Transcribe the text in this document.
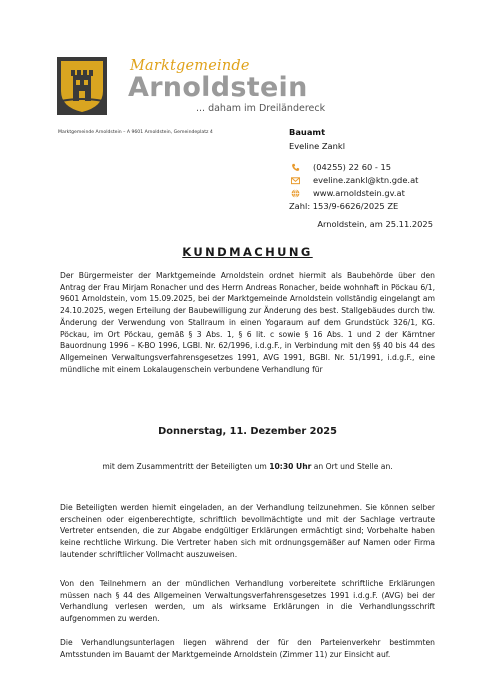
Marktgemeinde
Arnoldstein
... daham im Dreiländereck
Marktgemeinde Arnoldstein – A 9601 Arnoldstein, Gemeindeplatz 4	Bauamt
Eveline Zankl
(04255) 22 60 - 15
eveline.zankl@ktn.gde.at
www.arnoldstein.gv.at
Zahl: 153/9-6626/2025 ZE
Arnoldstein, am 25.11.2025
KUNDMACHUNG
Der Bürgermeister der Marktgemeinde Arnoldstein ordnet hiermit als Baubehörde über den Antrag der Frau Mirjam Ronacher und des Herrn Andreas Ronacher, beide wohnhaft in Pöckau 6/1, 9601 Arnoldstein, vom 15.09.2025, bei der Marktgemeinde Arnoldstein vollständig eingelangt am 24.10.2025, wegen Erteilung der Baubewilligung zur Änderung des best. Stallgebäudes durch tlw. Änderung der Verwendung von Stallraum in einen Yogaraum auf dem Grundstück 326/1, KG. Pöckau, im Ort Pöckau, gemäß § 3 Abs. 1, § 6 lit. c sowie § 16 Abs. 1 und 2 der Kärntner Bauordnung 1996 – K-BO 1996, LGBl. Nr. 62/1996, i.d.g.F., in Verbindung mit den §§ 40 bis 44 des Allgemeinen Verwaltungsverfahrensgesetzes 1991, AVG 1991, BGBl. Nr. 51/1991, i.d.g.F., eine mündliche mit einem Lokalaugenschein verbundene Verhandlung für
Donnerstag, 11. Dezember 2025
mit dem Zusammentritt der Beteiligten um 10:30 Uhr an Ort und Stelle an.
Die Beteiligten werden hiemit eingeladen, an der Verhandlung teilzunehmen. Sie können selber erscheinen oder eigenberechtigte, schriftlich bevollmächtigte und mit der Sachlage vertraute Vertreter entsenden, die zur Abgabe endgültiger Erklärungen ermächtigt sind; Vorbehalte haben keine rechtliche Wirkung. Die Vertreter haben sich mit ordnungsgemäßer auf Namen oder Firma lautender schriftlicher Vollmacht auszuweisen.
Von den Teilnehmern an der mündlichen Verhandlung vorbereitete schriftliche Erklärungen müssen nach § 44 des Allgemeinen Verwaltungsverfahrensgesetzes 1991 i.d.g.F. (AVG) bei der Verhandlung verlesen werden, um als wirksame Erklärungen in die Verhandlungsschrift aufgenommen zu werden.
Die Verhandlungsunterlagen liegen während der für den Parteienverkehr bestimmten Amtsstunden im Bauamt der Marktgemeinde Arnoldstein (Zimmer 11) zur Einsicht auf.
